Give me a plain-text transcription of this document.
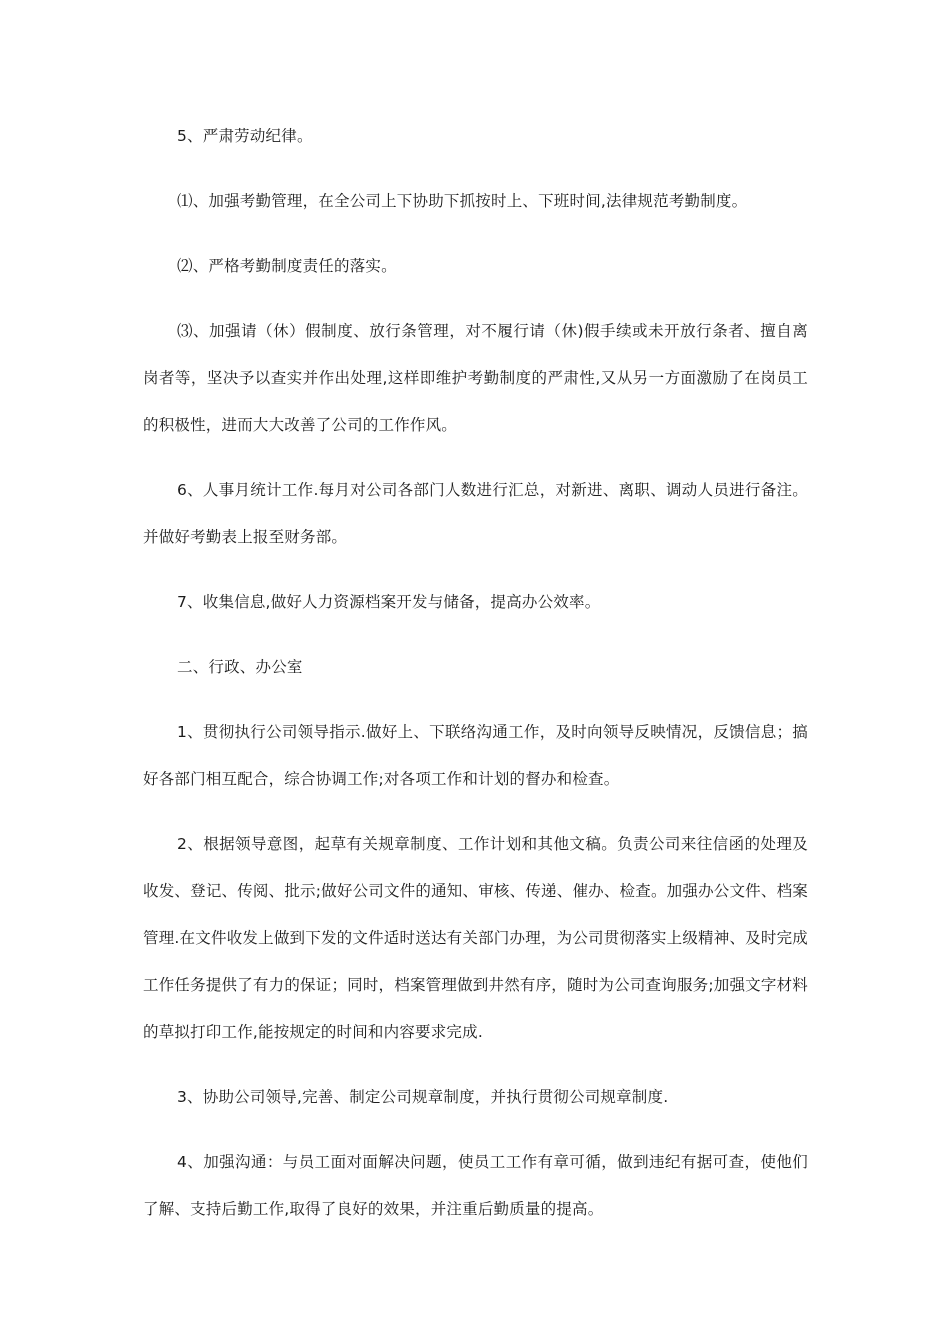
5、严肃劳动纪律。

⑴、加强考勤管理，在全公司上下协助下抓按时上、下班时间,法律规范考勤制度。

⑵、严格考勤制度责任的落实。

⑶、加强请（休）假制度、放行条管理，对不履行请（休)假手续或未开放行条者、擅自离岗者等，坚决予以查实并作出处理,这样即维护考勤制度的严肃性,又从另一方面激励了在岗员工的积极性，进而大大改善了公司的工作作风。

6、人事月统计工作.每月对公司各部门人数进行汇总，对新进、离职、调动人员进行备注。 并做好考勤表上报至财务部。

7、收集信息,做好人力资源档案开发与储备，提高办公效率。

二、行政、办公室

1、贯彻执行公司领导指示.做好上、下联络沟通工作，及时向领导反映情况，反馈信息；搞好各部门相互配合，综合协调工作;对各项工作和计划的督办和检查。

2、根据领导意图，起草有关规章制度、工作计划和其他文稿。负责公司来往信函的处理及收发、登记、传阅、批示;做好公司文件的通知、审核、传递、催办、检查。加强办公文件、档案管理.在文件收发上做到下发的文件适时送达有关部门办理，为公司贯彻落实上级精神、及时完成工作任务提供了有力的保证；同时，档案管理做到井然有序，随时为公司查询服务;加强文字材料的草拟打印工作,能按规定的时间和内容要求完成.

3、协助公司领导,完善、制定公司规章制度，并执行贯彻公司规章制度.

4、加强沟通：与员工面对面解决问题，使员工工作有章可循，做到违纪有据可查，使他们了解、支持后勤工作,取得了良好的效果，并注重后勤质量的提高。
